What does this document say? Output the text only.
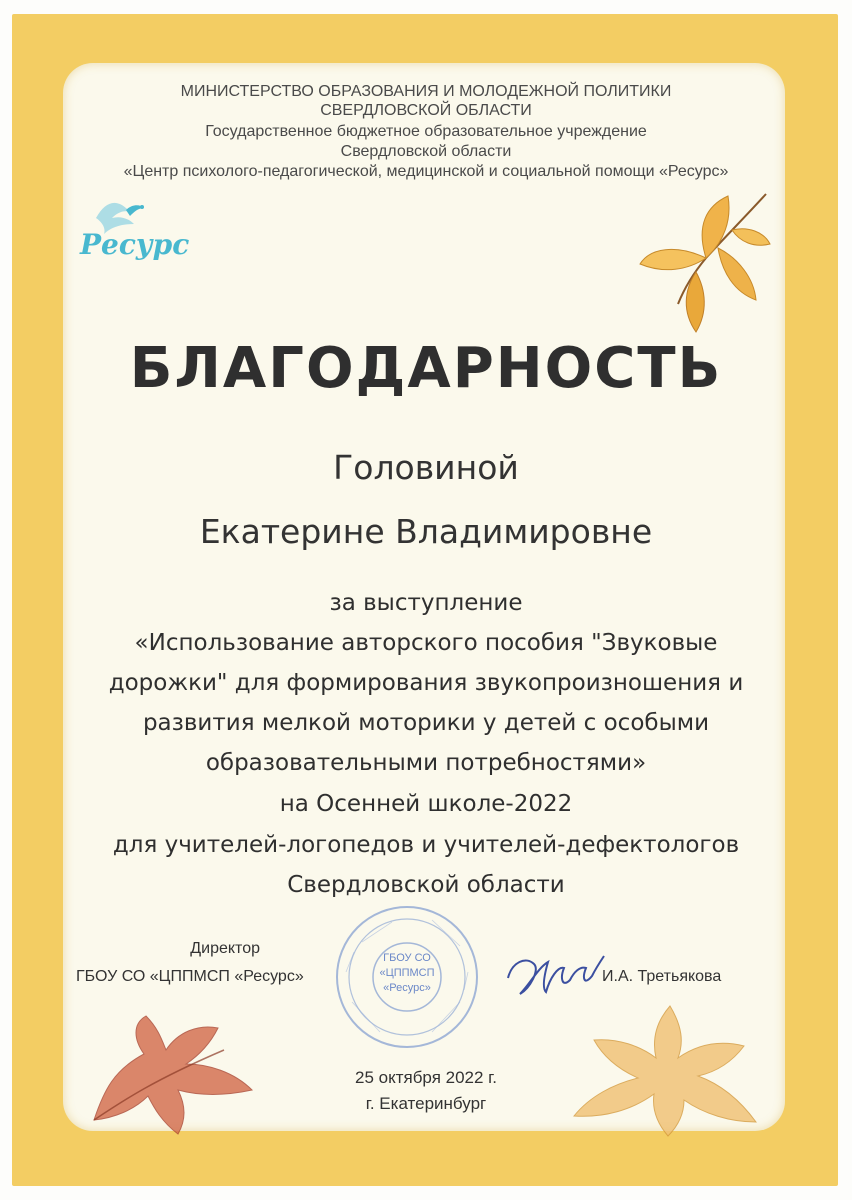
МИНИСТЕРСТВО ОБРАЗОВАНИЯ И МОЛОДЕЖНОЙ ПОЛИТИКИ
СВЕРДЛОВСКОЙ ОБЛАСТИ
Государственное бюджетное образовательное учреждение
Свердловской области
«Центр психолого-педагогической, медицинской и социальной помощи «Ресурс»
Ресурс
БЛАГОДАРНОСТЬ
Головиной
Екатерине Владимировне
за выступление
«Использование авторского пособия "Звуковые
дорожки" для формирования звукопроизношения и
развития мелкой моторики у детей с особыми
образовательными потребностями»
на Осенней школе-2022
для учителей-логопедов и учителей-дефектологов
Свердловской области
Директор
ГБОУ СО «ЦППМСП «Ресурс»
ГБОУ СО
«ЦППМСП
«Ресурс»
И.А. Третьякова
25 октября 2022 г.
г. Екатеринбург
